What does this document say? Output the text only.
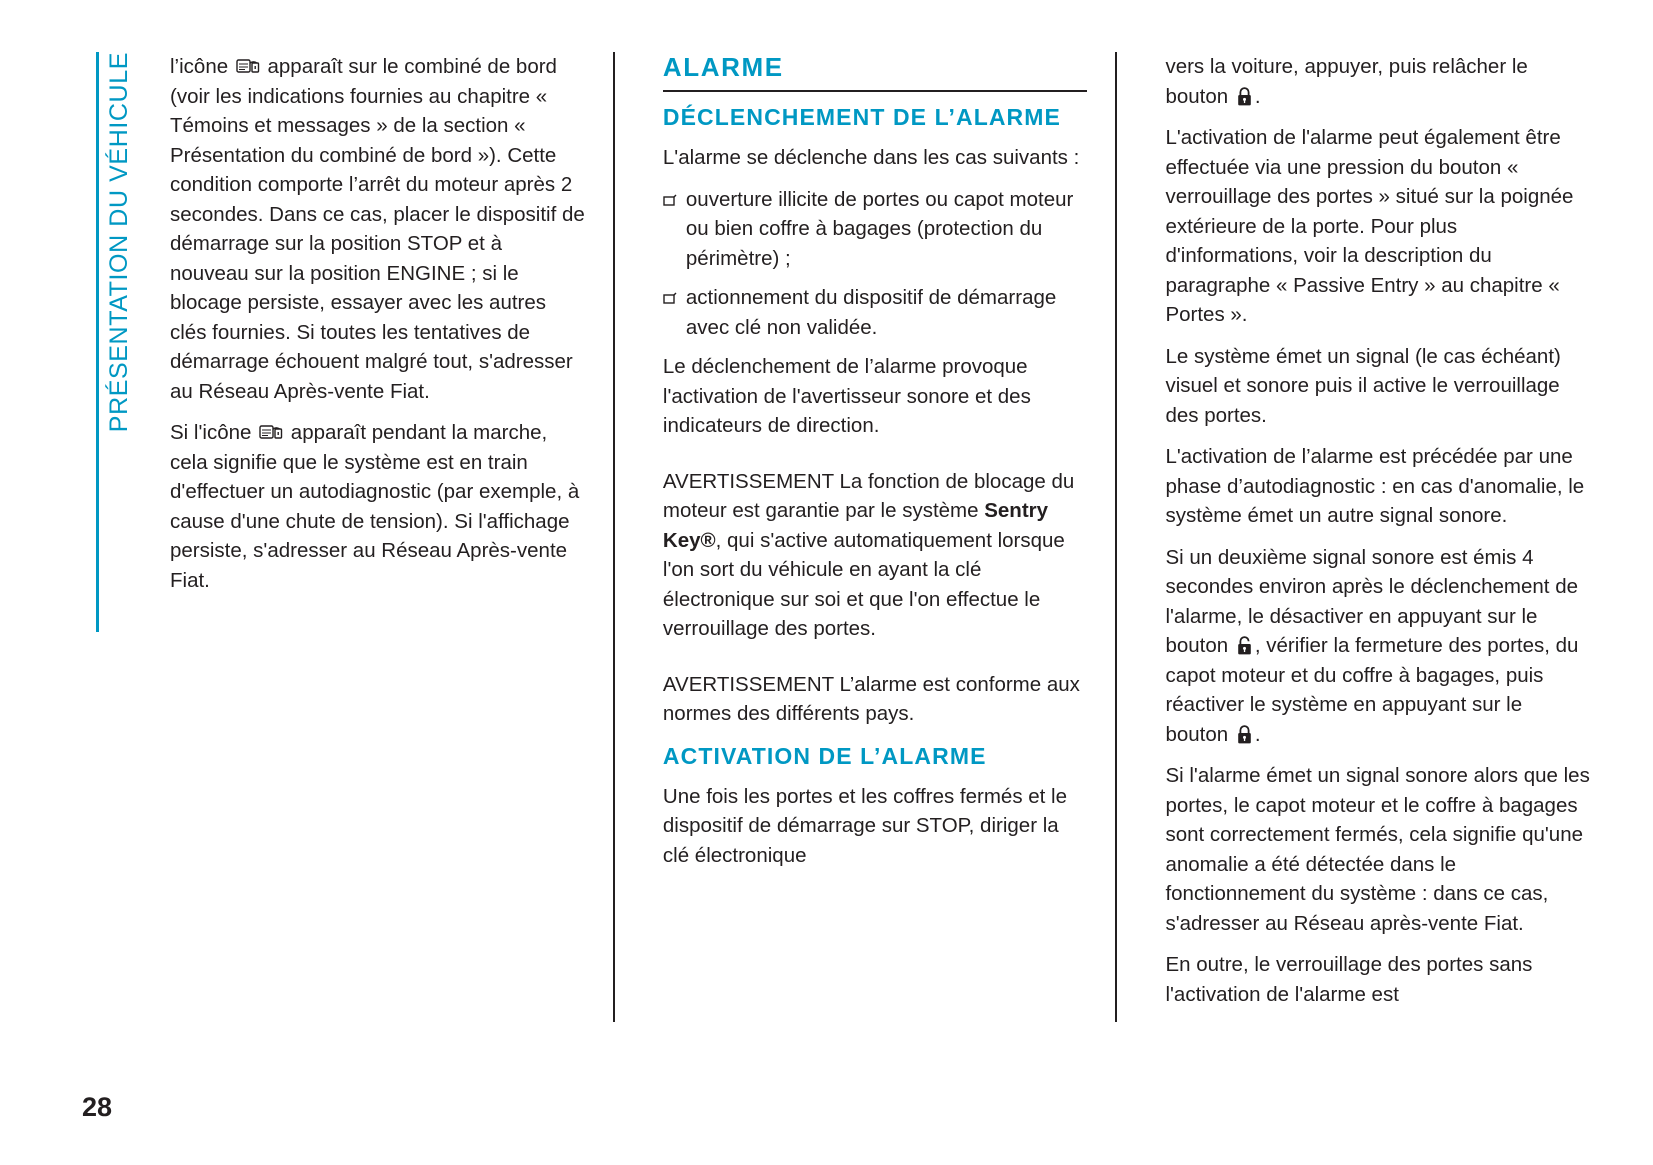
PRÉSENTATION DU VÉHICULE
28

l’icône
apparaît sur le combiné de bord (voir les indications fournies au chapitre « Témoins et messages » de la section « Présentation du combiné de bord »). Cette condition comporte l’arrêt du moteur après 2 secondes. Dans ce cas, placer le dispositif de démarrage sur la position STOP et à nouveau sur la position ENGINE ; si le blocage persiste, essayer avec les autres clés fournies. Si toutes les tentatives de démarrage échouent malgré tout, s'adresser au Réseau Après-vente Fiat.

Si l'icône
apparaît pendant la marche, cela signifie que le système est en train d'effectuer un autodiagnostic (par exemple, à cause d'une chute de tension). Si l'affichage persiste, s'adresser au Réseau Après-vente Fiat.

ALARME
DÉCLENCHEMENT DE L’ALARME

L'alarme se déclenche dans les cas suivants :

ouverture illicite de portes ou capot moteur ou bien coffre à bagages (protection du périmètre) ;
actionnement du dispositif de démarrage avec clé non validée.

Le déclenchement de l’alarme provoque l'activation de l'avertisseur sonore et des indicateurs de direction.

AVERTISSEMENT La fonction de blocage du moteur est garantie par le système Sentry Key®, qui s'active automatiquement lorsque l'on sort du véhicule en ayant la clé électronique sur soi et que l'on effectue le verrouillage des portes.

AVERTISSEMENT L’alarme est conforme aux normes des différents pays.

ACTIVATION DE L’ALARME

Une fois les portes et les coffres fermés et le dispositif de démarrage sur STOP, diriger la clé électronique

vers la voiture, appuyer, puis relâcher le bouton
.

L'activation de l'alarme peut également être effectuée via une pression du bouton « verrouillage des portes » situé sur la poignée extérieure de la porte. Pour plus d'informations, voir la description du paragraphe « Passive Entry » au chapitre « Portes ».

Le système émet un signal (le cas échéant) visuel et sonore puis il active le verrouillage des portes.

L'activation de l’alarme est précédée par une phase d’autodiagnostic : en cas d'anomalie, le système émet un autre signal sonore.

Si un deuxième signal sonore est émis 4 secondes environ après le déclenchement de l'alarme, le désactiver en appuyant sur le bouton
, vérifier la fermeture des portes, du capot moteur et du coffre à bagages, puis réactiver le système en appuyant sur le bouton
.

Si l'alarme émet un signal sonore alors que les portes, le capot moteur et le coffre à bagages sont correctement fermés, cela signifie qu'une anomalie a été détectée dans le fonctionnement du système : dans ce cas, s'adresser au Réseau après-vente Fiat.

En outre, le verrouillage des portes sans l'activation de l'alarme est
